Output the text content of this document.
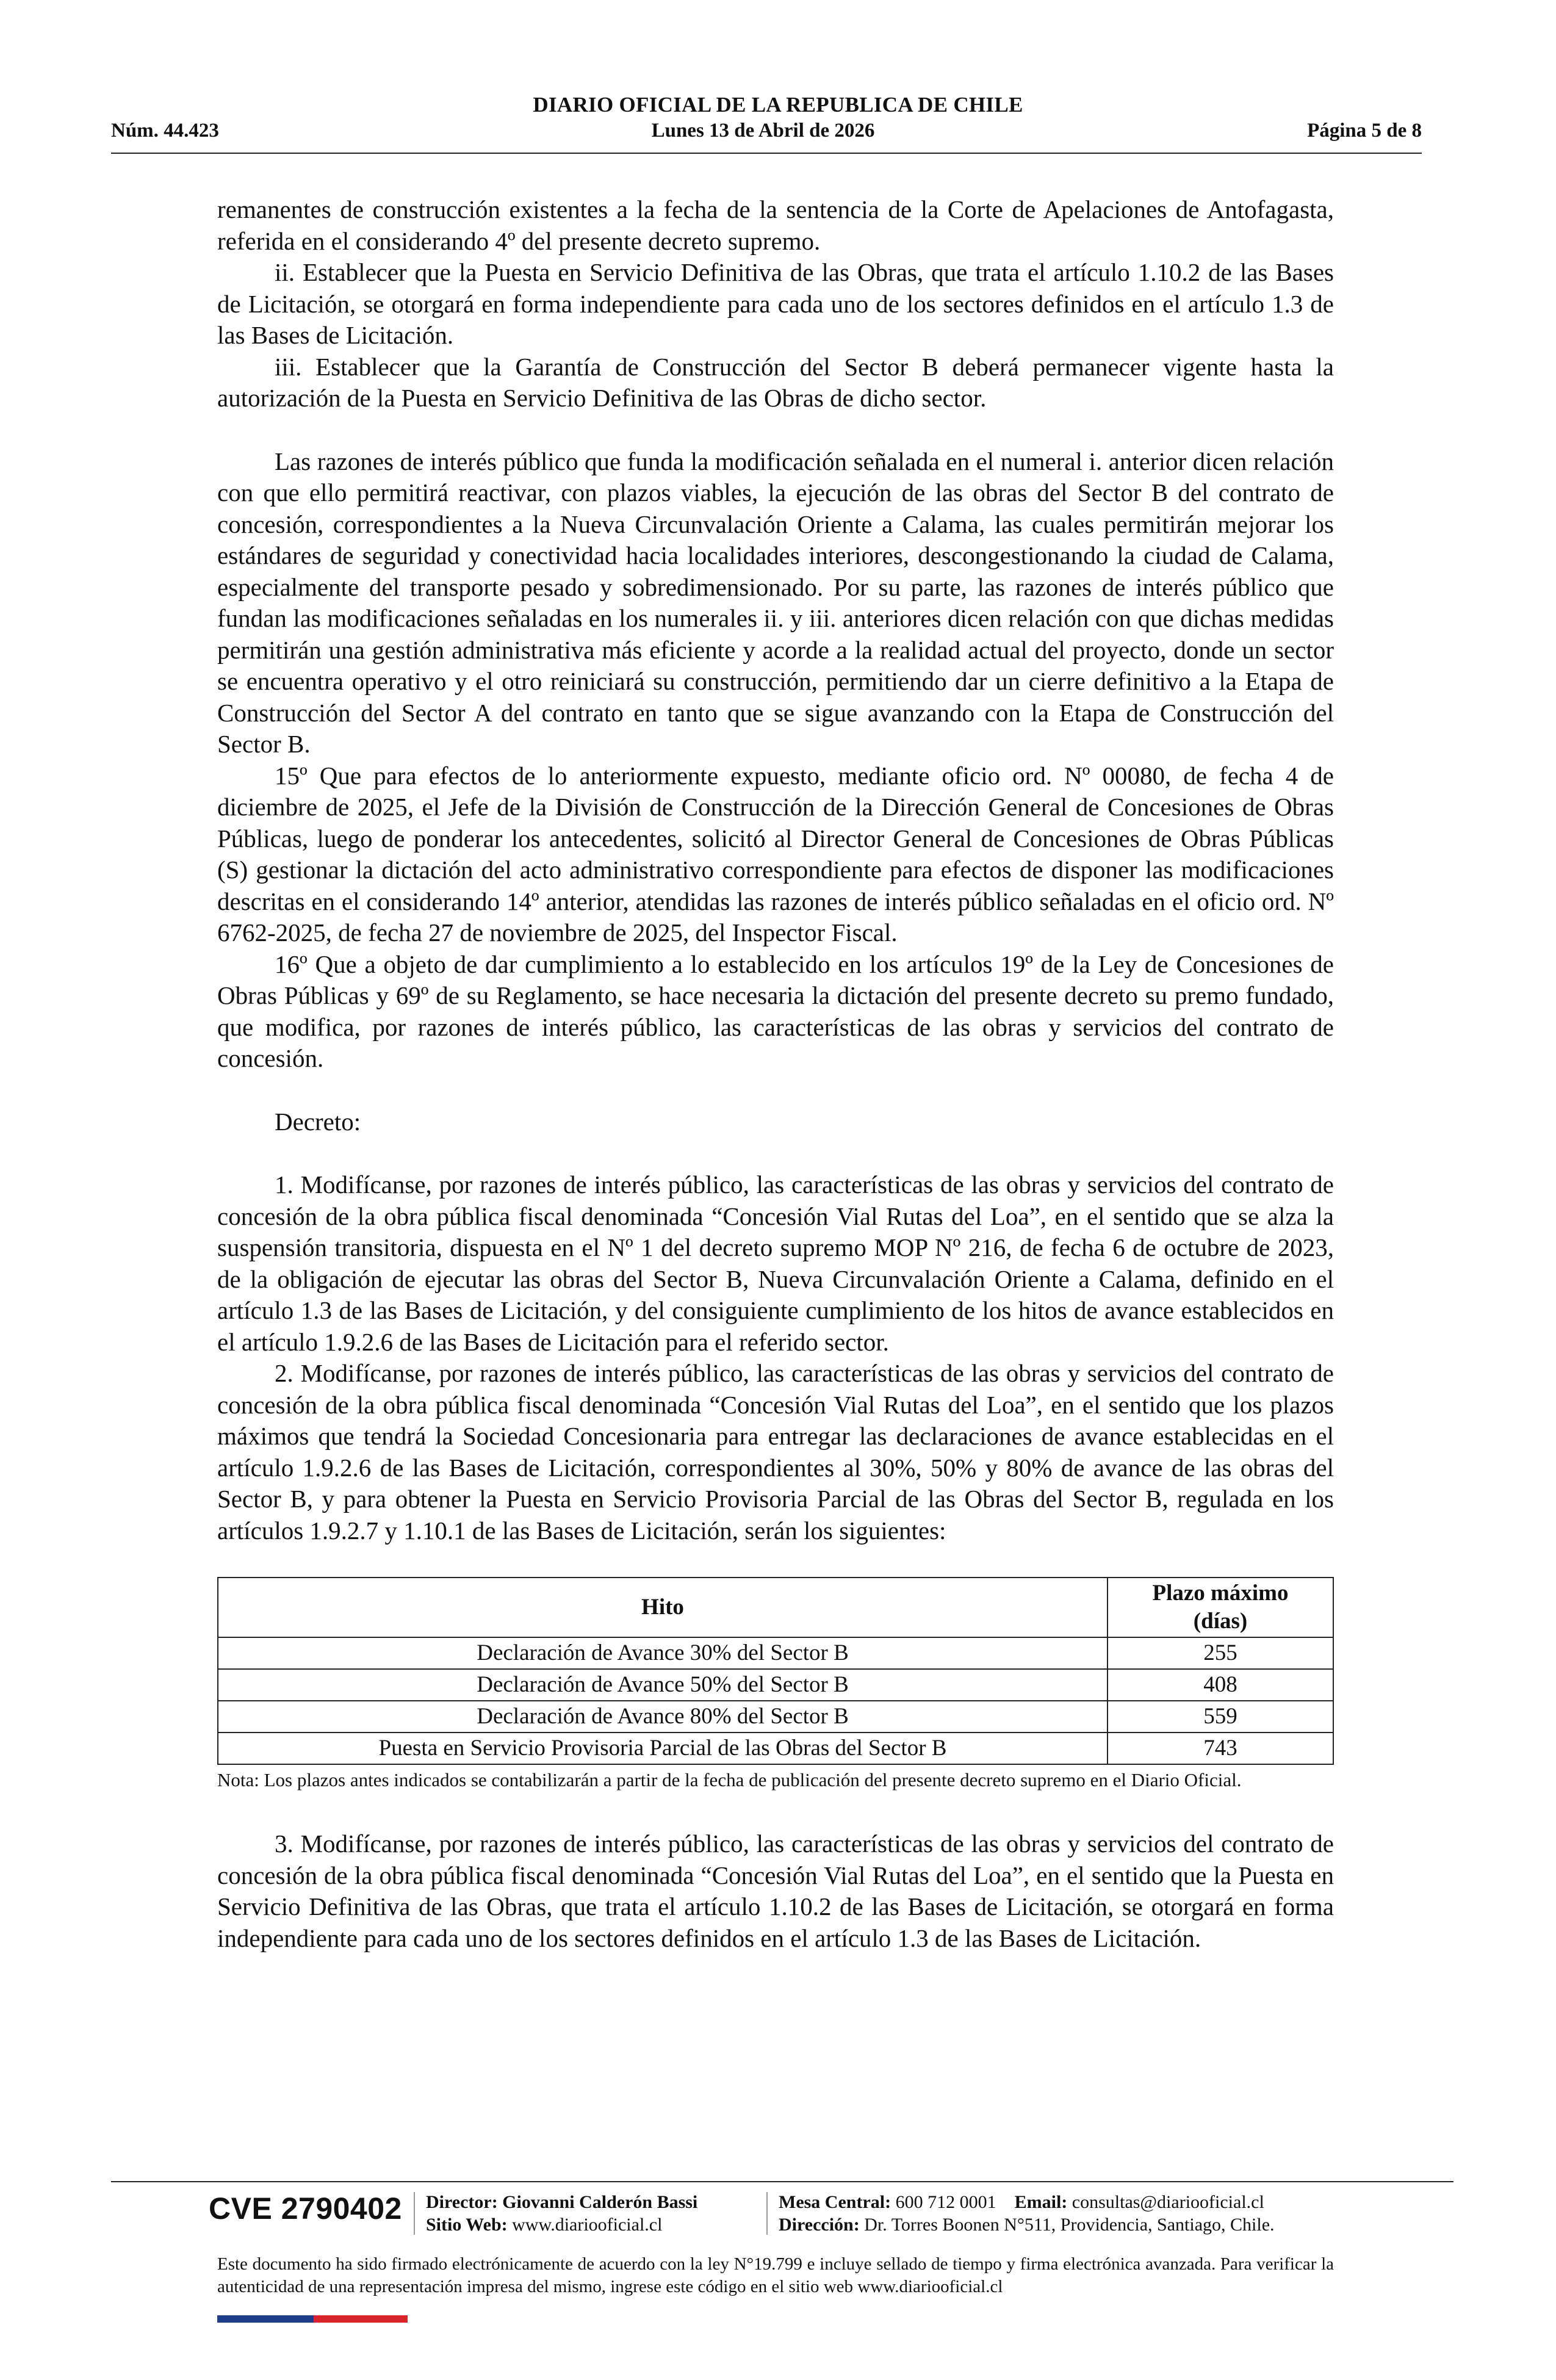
DIARIO OFICIAL DE LA REPUBLICA DE CHILE
Núm. 44.423	Lunes 13 de Abril de 2026	Página 5 de 8

remanentes de construcción existentes a la fecha de la sentencia de la Corte de Apelaciones de Antofagasta, referida en el considerando 4º del presente decreto supremo.

ii. Establecer que la Puesta en Servicio Definitiva de las Obras, que trata el artículo 1.10.2 de las Bases de Licitación, se otorgará en forma independiente para cada uno de los sectores definidos en el artículo 1.3 de las Bases de Licitación.

iii. Establecer que la Garantía de Construcción del Sector B deberá permanecer vigente hasta la autorización de la Puesta en Servicio Definitiva de las Obras de dicho sector.

Las razones de interés público que funda la modificación señalada en el numeral i. anterior dicen relación con que ello permitirá reactivar, con plazos viables, la ejecución de las obras del Sector B del contrato de concesión, correspondientes a la Nueva Circunvalación Oriente a Calama, las cuales permitirán mejorar los estándares de seguridad y conectividad hacia localidades interiores, descongestionando la ciudad de Calama, especialmente del transporte pesado y sobredimensionado. Por su parte, las razones de interés público que fundan las modificaciones señaladas en los numerales ii. y iii. anteriores dicen relación con que dichas medidas permitirán una gestión administrativa más eficiente y acorde a la realidad actual del proyecto, donde un sector se encuentra operativo y el otro reiniciará su construcción, permitiendo dar un cierre definitivo a la Etapa de Construcción del Sector A del contrato en tanto que se sigue avanzando con la Etapa de Construcción del Sector B.

15º Que para efectos de lo anteriormente expuesto, mediante oficio ord. Nº 00080, de fecha 4 de diciembre de 2025, el Jefe de la División de Construcción de la Dirección General de Concesiones de Obras Públicas, luego de ponderar los antecedentes, solicitó al Director General de Concesiones de Obras Públicas (S) gestionar la dictación del acto administrativo correspondiente para efectos de disponer las modificaciones descritas en el considerando 14º anterior, atendidas las razones de interés público señaladas en el oficio ord. Nº 6762-2025, de fecha 27 de noviembre de 2025, del Inspector Fiscal.

16º Que a objeto de dar cumplimiento a lo establecido en los artículos 19º de la Ley de Concesiones de Obras Públicas y 69º de su Reglamento, se hace necesaria la dictación del presente decreto su premo fundado, que modifica, por razones de interés público, las características de las obras y servicios del contrato de concesión.

Decreto:

1. Modifícanse, por razones de interés público, las características de las obras y servicios del contrato de concesión de la obra pública fiscal denominada “Concesión Vial Rutas del Loa”, en el sentido que se alza la suspensión transitoria, dispuesta en el Nº 1 del decreto supremo MOP Nº 216, de fecha 6 de octubre de 2023, de la obligación de ejecutar las obras del Sector B, Nueva Circunvalación Oriente a Calama, definido en el artículo 1.3 de las Bases de Licitación, y del consiguiente cumplimiento de los hitos de avance establecidos en el artículo 1.9.2.6 de las Bases de Licitación para el referido sector.

2. Modifícanse, por razones de interés público, las características de las obras y servicios del contrato de concesión de la obra pública fiscal denominada “Concesión Vial Rutas del Loa”, en el sentido que los plazos máximos que tendrá la Sociedad Concesionaria para entregar las declaraciones de avance establecidas en el artículo 1.9.2.6 de las Bases de Licitación, correspondientes al 30%, 50% y 80% de avance de las obras del Sector B, y para obtener la Puesta en Servicio Provisoria Parcial de las Obras del Sector B, regulada en los artículos 1.9.2.7 y 1.10.1 de las Bases de Licitación, serán los siguientes:

Hito	Plazo máximo
(días)

Declaración de Avance 30% del Sector B	255
Declaración de Avance 50% del Sector B	408
Declaración de Avance 80% del Sector B	559
Puesta en Servicio Provisoria Parcial de las Obras del Sector B	743
Nota: Los plazos antes indicados se contabilizarán a partir de la fecha de publicación del presente decreto supremo en el Diario Oficial.

3. Modifícanse, por razones de interés público, las características de las obras y servicios del contrato de concesión de la obra pública fiscal denominada “Concesión Vial Rutas del Loa”, en el sentido que la Puesta en Servicio Definitiva de las Obras, que trata el artículo 1.10.2 de las Bases de Licitación, se otorgará en forma independiente para cada uno de los sectores definidos en el artículo 1.3 de las Bases de Licitación.

CVE 2790402 Director: Giovanni Calderón Bassi
Sitio Web: www.diariooficial.cl
Mesa Central: 600 712 0001 Email: consultas@diariooficial.cl
Dirección: Dr. Torres Boonen N°511, Providencia, Santiago, Chile.
Este documento ha sido firmado electrónicamente de acuerdo con la ley N°19.799 e incluye sellado de tiempo y firma electrónica avanzada. Para verificar la autenticidad de una representación impresa del mismo, ingrese este código en el sitio web www.diariooficial.cl
